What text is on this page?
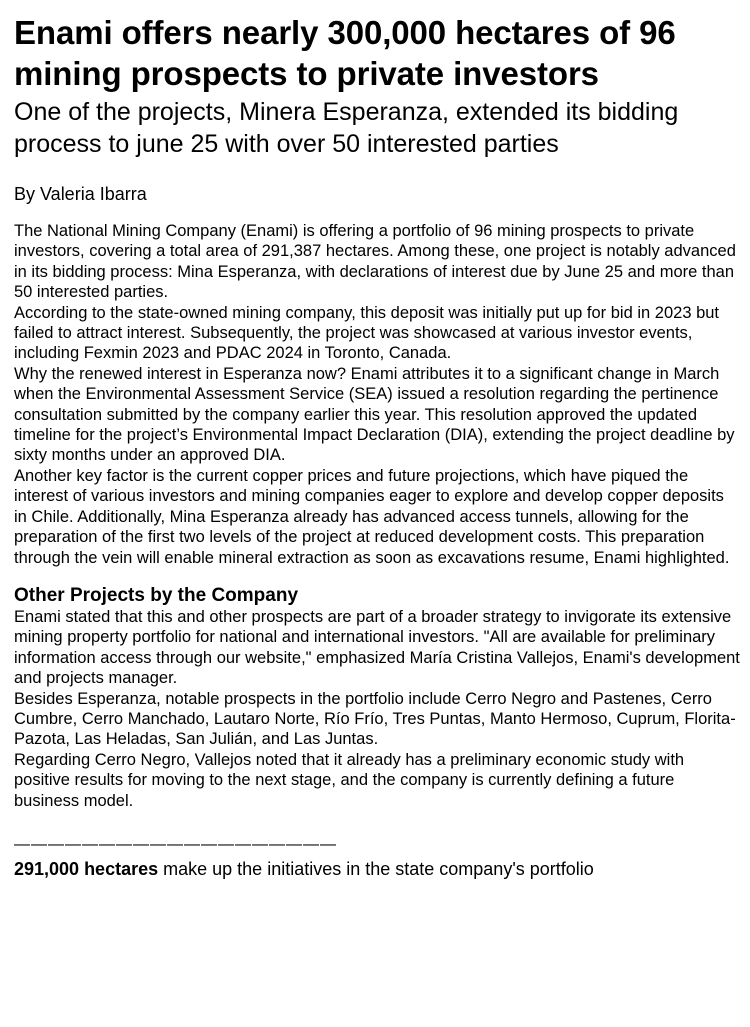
Enami offers nearly 300,000 hectares of 96 mining prospects to private investors
One of the projects, Minera Esperanza, extended its bidding process to june 25 with over 50 interested parties

By Valeria Ibarra

The National Mining Company (Enami) is offering a portfolio of 96 mining prospects to private investors, covering a total area of 291,387 hectares. Among these, one project is notably advanced in its bidding process: Mina Esperanza, with declarations of interest due by June 25 and more than 50 interested parties.

According to the state-owned mining company, this deposit was initially put up for bid in 2023 but failed to attract interest. Subsequently, the project was showcased at various investor events, including Fexmin 2023 and PDAC 2024 in Toronto, Canada.

Why the renewed interest in Esperanza now? Enami attributes it to a significant change in March when the Environmental Assessment Service (SEA) issued a resolution regarding the pertinence consultation submitted by the company earlier this year. This resolution approved the updated timeline for the project’s Environmental Impact Declaration (DIA), extending the project deadline by sixty months under an approved DIA.

Another key factor is the current copper prices and future projections, which have piqued the interest of various investors and mining companies eager to explore and develop copper deposits in Chile. Additionally, Mina Esperanza already has advanced access tunnels, allowing for the preparation of the first two levels of the project at reduced development costs. This preparation through the vein will enable mineral extraction as soon as excavations resume, Enami highlighted.

Other Projects by the Company

Enami stated that this and other prospects are part of a broader strategy to invigorate its extensive mining property portfolio for national and international investors. "All are available for preliminary information access through our website," emphasized María Cristina Vallejos, Enami's development and projects manager.

Besides Esperanza, notable prospects in the portfolio include Cerro Negro and Pastenes, Cerro Cumbre, Cerro Manchado, Lautaro Norte, Río Frío, Tres Puntas, Manto Hermoso, Cuprum, Florita-Pazota, Las Heladas, San Julián, and Las Juntas.

Regarding Cerro Negro, Vallejos noted that it already has a preliminary economic study with positive results for moving to the next stage, and the company is currently defining a future business model.

———————————————————

291,000 hectares make up the initiatives in the state company's portfolio
